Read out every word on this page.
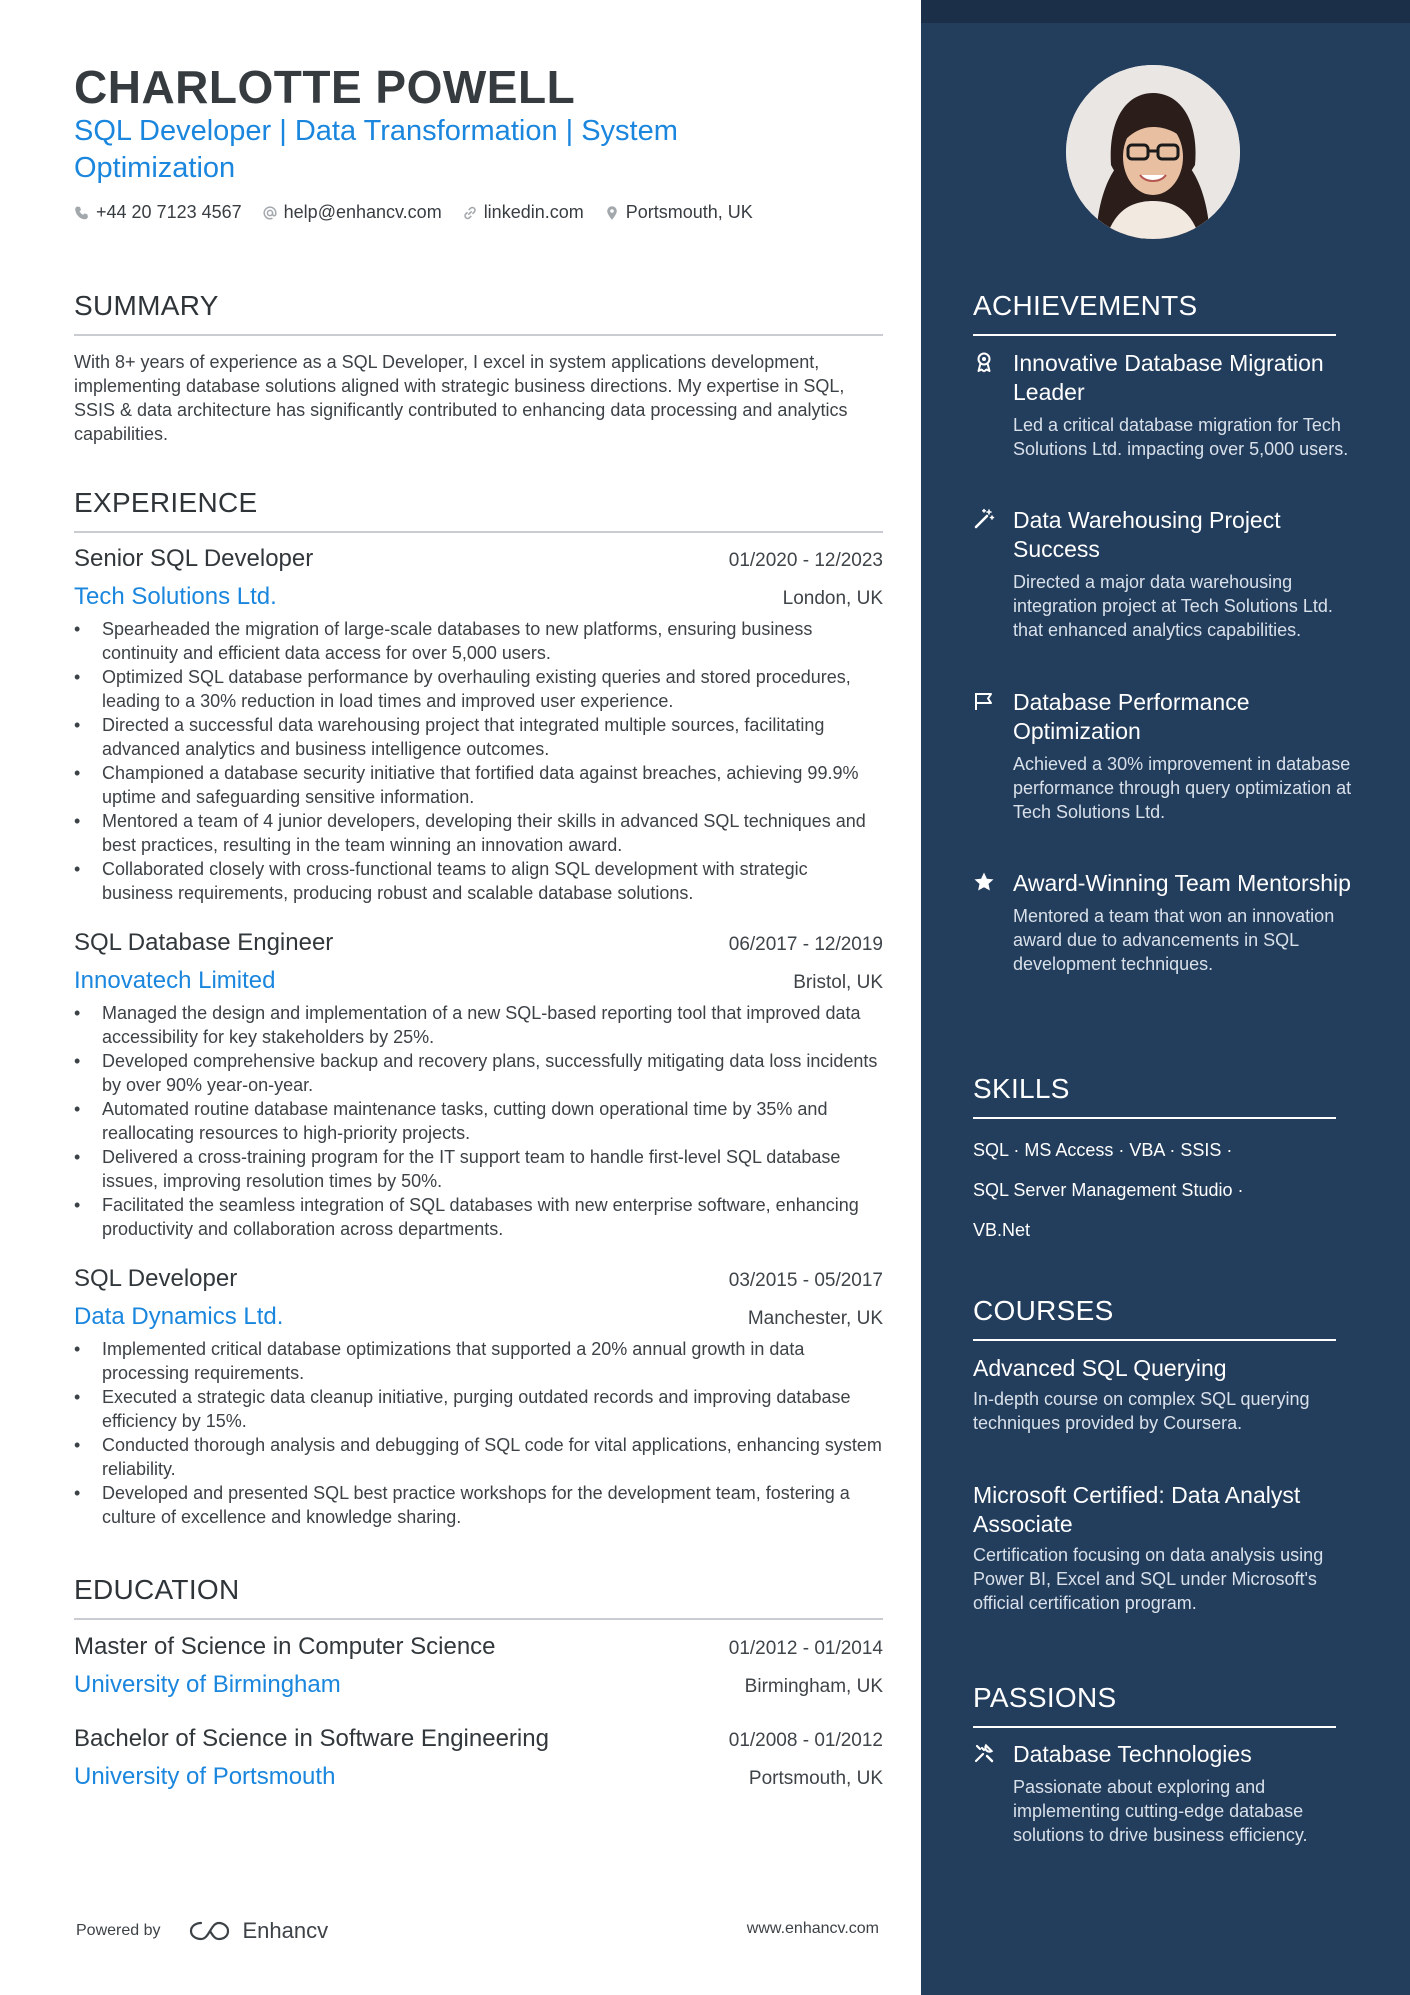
CHARLOTTE POWELL

SQL Developer | Data Transformation | System Optimization

+44 20 7123 4567 help@enhancv.com linkedin.com Portsmouth, UK
SUMMARY

With 8+ years of experience as a SQL Developer, I excel in system applications development, implementing database solutions aligned with strategic business directions. My expertise in SQL, SSIS & data architecture has significantly contributed to enhancing data processing and analytics capabilities.

EXPERIENCE
Senior SQL Developer	01/2020 - 12/2023
Tech Solutions Ltd.	London, UK
• Spearheaded the migration of large-scale databases to new platforms, ensuring business continuity and efficient data access for over 5,000 users.
• Optimized SQL database performance by overhauling existing queries and stored procedures, leading to a 30% reduction in load times and improved user experience.
• Directed a successful data warehousing project that integrated multiple sources, facilitating advanced analytics and business intelligence outcomes.
• Championed a database security initiative that fortified data against breaches, achieving 99.9% uptime and safeguarding sensitive information.
• Mentored a team of 4 junior developers, developing their skills in advanced SQL techniques and best practices, resulting in the team winning an innovation award.
• Collaborated closely with cross-functional teams to align SQL development with strategic business requirements, producing robust and scalable database solutions.
SQL Database Engineer	06/2017 - 12/2019
Innovatech Limited	Bristol, UK
• Managed the design and implementation of a new SQL-based reporting tool that improved data accessibility for key stakeholders by 25%.
• Developed comprehensive backup and recovery plans, successfully mitigating data loss incidents by over 90% year-on-year.
• Automated routine database maintenance tasks, cutting down operational time by 35% and reallocating resources to high-priority projects.
• Delivered a cross-training program for the IT support team to handle first-level SQL database issues, improving resolution times by 50%.
• Facilitated the seamless integration of SQL databases with new enterprise software, enhancing productivity and collaboration across departments.
SQL Developer	03/2015 - 05/2017
Data Dynamics Ltd.	Manchester, UK
• Implemented critical database optimizations that supported a 20% annual growth in data processing requirements.
• Executed a strategic data cleanup initiative, purging outdated records and improving database efficiency by 15%.
• Conducted thorough analysis and debugging of SQL code for vital applications, enhancing system reliability.
• Developed and presented SQL best practice workshops for the development team, fostering a culture of excellence and knowledge sharing.
EDUCATION
Master of Science in Computer Science	01/2012 - 01/2014
University of Birmingham	Birmingham, UK
Bachelor of Science in Software Engineering	01/2008 - 01/2012
University of Portsmouth	Portsmouth, UK
Powered by	Enhancv	www.enhancv.com
ACHIEVEMENTS
Innovative Database Migration Leader
Led a critical database migration for Tech Solutions Ltd. impacting over 5,000 users.
Data Warehousing Project Success
Directed a major data warehousing integration project at Tech Solutions Ltd. that enhanced analytics capabilities.
Database Performance Optimization
Achieved a 30% improvement in database performance through query optimization at Tech Solutions Ltd.
Award-Winning Team Mentorship
Mentored a team that won an innovation award due to advancements in SQL development techniques.
SKILLS
SQL · MS Access · VBA · SSIS ·
SQL Server Management Studio ·
VB.Net
COURSES
Advanced SQL Querying
In-depth course on complex SQL querying techniques provided by Coursera.
Microsoft Certified: Data Analyst Associate
Certification focusing on data analysis using Power BI, Excel and SQL under Microsoft's official certification program.
PASSIONS
Database Technologies
Passionate about exploring and implementing cutting-edge database solutions to drive business efficiency.
